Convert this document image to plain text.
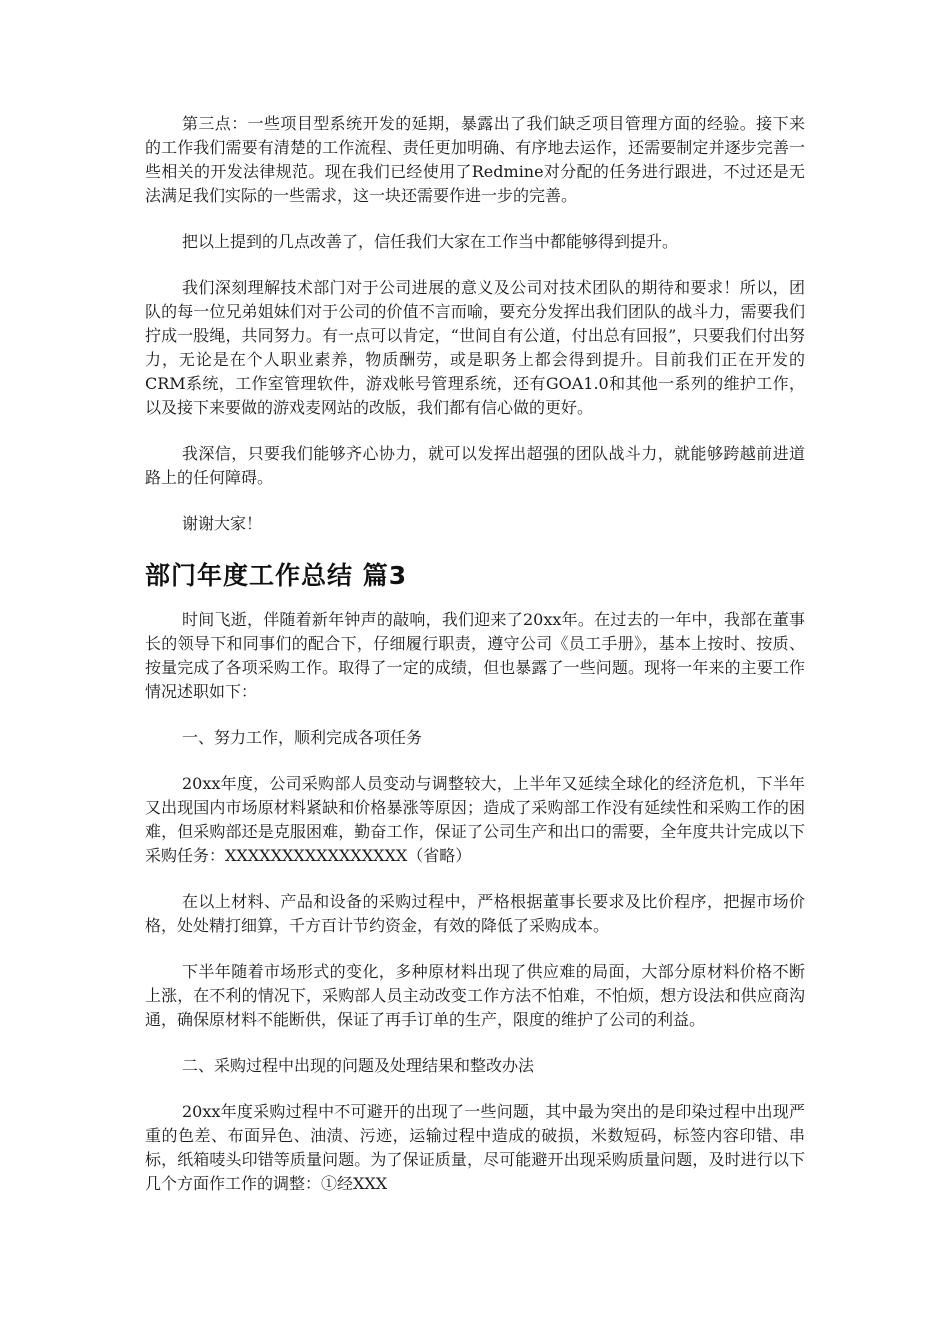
第三点：一些项目型系统开发的延期，暴露出了我们缺乏项目管理方面的经验。接下来的工作我们需要有清楚的工作流程、责任更加明确、有序地去运作，还需要制定并逐步完善一些相关的开发法律规范。现在我们已经使用了Redmine对分配的任务进行跟进，不过还是无法满足我们实际的一些需求，这一块还需要作进一步的完善。

把以上提到的几点改善了，信任我们大家在工作当中都能够得到提升。

我们深刻理解技术部门对于公司进展的意义及公司对技术团队的期待和要求！所以，团队的每一位兄弟姐妹们对于公司的价值不言而喻，要充分发挥出我们团队的战斗力，需要我们拧成一股绳，共同努力。有一点可以肯定，“世间自有公道，付出总有回报”，只要我们付出努力，无论是在个人职业素养，物质酬劳，或是职务上都会得到提升。目前我们正在开发的CRM系统，工作室管理软件，游戏帐号管理系统，还有GOA1.0和其他一系列的维护工作，以及接下来要做的游戏麦网站的改版，我们都有信心做的更好。

我深信，只要我们能够齐心协力，就可以发挥出超强的团队战斗力，就能够跨越前进道路上的任何障碍。

谢谢大家！

部门年度工作总结 篇3

时间飞逝，伴随着新年钟声的敲响，我们迎来了20xx年。在过去的一年中，我部在董事长的领导下和同事们的配合下，仔细履行职责，遵守公司《员工手册》，基本上按时、按质、按量完成了各项采购工作。取得了一定的成绩，但也暴露了一些问题。现将一年来的主要工作情况述职如下：

一、努力工作，顺利完成各项任务

20xx年度，公司采购部人员变动与调整较大，上半年又延续全球化的经济危机，下半年又出现国内市场原材料紧缺和价格暴涨等原因；造成了采购部工作没有延续性和采购工作的困难，但采购部还是克服困难，勤奋工作，保证了公司生产和出口的需要，全年度共计完成以下采购任务：XXXXXXXXXXXXXXXX（省略）

在以上材料、产品和设备的采购过程中，严格根据董事长要求及比价程序，把握市场价格，处处精打细算，千方百计节约资金，有效的降低了采购成本。

下半年随着市场形式的变化，多种原材料出现了供应难的局面，大部分原材料价格不断上涨，在不利的情况下，采购部人员主动改变工作方法不怕难，不怕烦，想方设法和供应商沟通，确保原材料不能断供，保证了再手订单的生产，限度的维护了公司的利益。

二、采购过程中出现的问题及处理结果和整改办法

20xx年度采购过程中不可避开的出现了一些问题，其中最为突出的是印染过程中出现严重的色差、布面异色、油渍、污迹，运输过程中造成的破损，米数短码，标签内容印错、串标，纸箱唛头印错等质量问题。为了保证质量，尽可能避开出现采购质量问题，及时进行以下几个方面作工作的调整：①经XXX
